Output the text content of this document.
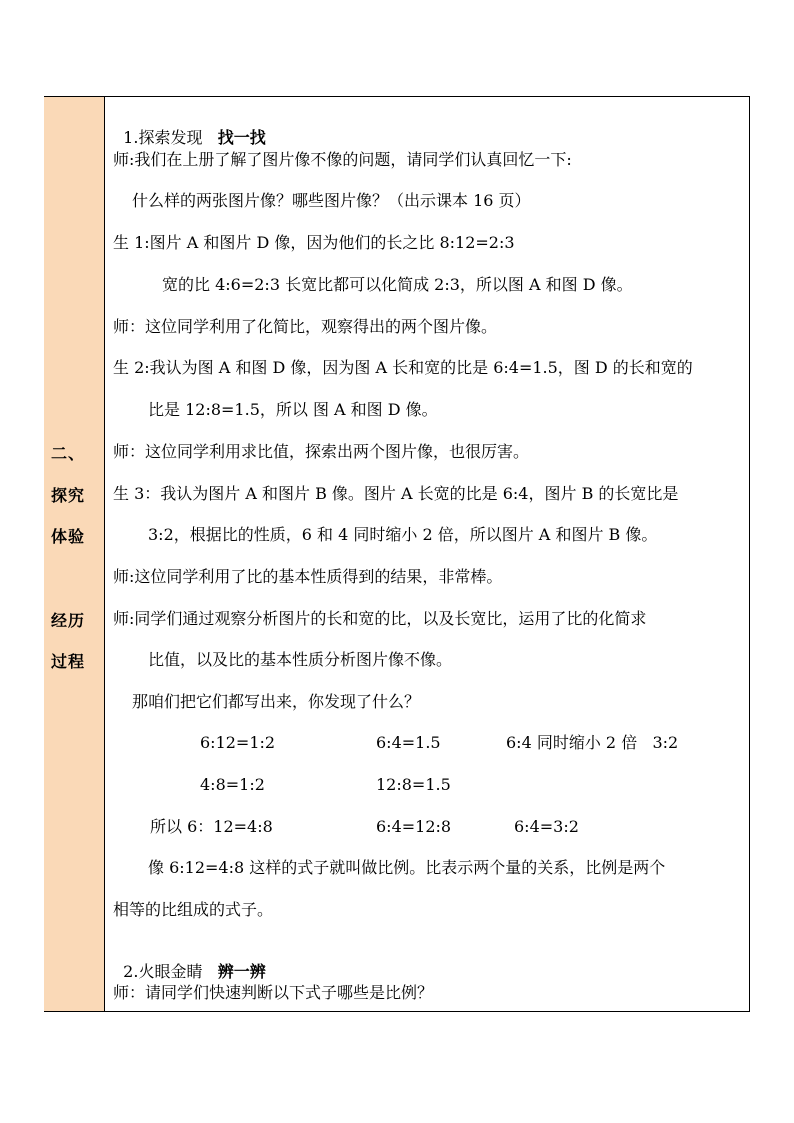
二、
探究
体验
经历
过程

1.探索发现 找一找

师:我们在上册了解了图片像不像的问题，请同学们认真回忆一下:
什么样的两张图片像？哪些图片像？（出示课本 16 页）
生 1:图片 A 和图片 D 像，因为他们的长之比 8:12=2:3
宽的比 4:6=2:3 长宽比都可以化简成 2:3，所以图 A 和图 D 像。
师：这位同学利用了化简比，观察得出的两个图片像。
生 2:我认为图 A 和图 D 像，因为图 A 长和宽的比是 6:4=1.5，图 D 的长和宽的
比是 12:8=1.5，所以 图 A 和图 D 像。
师：这位同学利用求比值，探索出两个图片像，也很厉害。
生 3：我认为图片 A 和图片 B 像。图片 A 长宽的比是 6:4，图片 B 的长宽比是
3:2，根据比的性质，6 和 4 同时缩小 2 倍，所以图片 A 和图片 B 像。
师:这位同学利用了比的基本性质得到的结果，非常棒。
师:同学们通过观察分析图片的长和宽的比，以及长宽比，运用了比的化简求
比值，以及比的基本性质分析图片像不像。
那咱们把它们都写出来，你发现了什么？
6:12=1:2	6:4=1.5	6:4 同时缩小 2 倍   3:2
4:8=1:2	12:8=1.5
所以 6：12=4:8	6:4=12:8	6:4=3:2
像 6:12=4:8 这样的式子就叫做比例。比表示两个量的关系，比例是两个
相等的比组成的式子。

2.火眼金睛 辨一辨

师：请同学们快速判断以下式子哪些是比例？
